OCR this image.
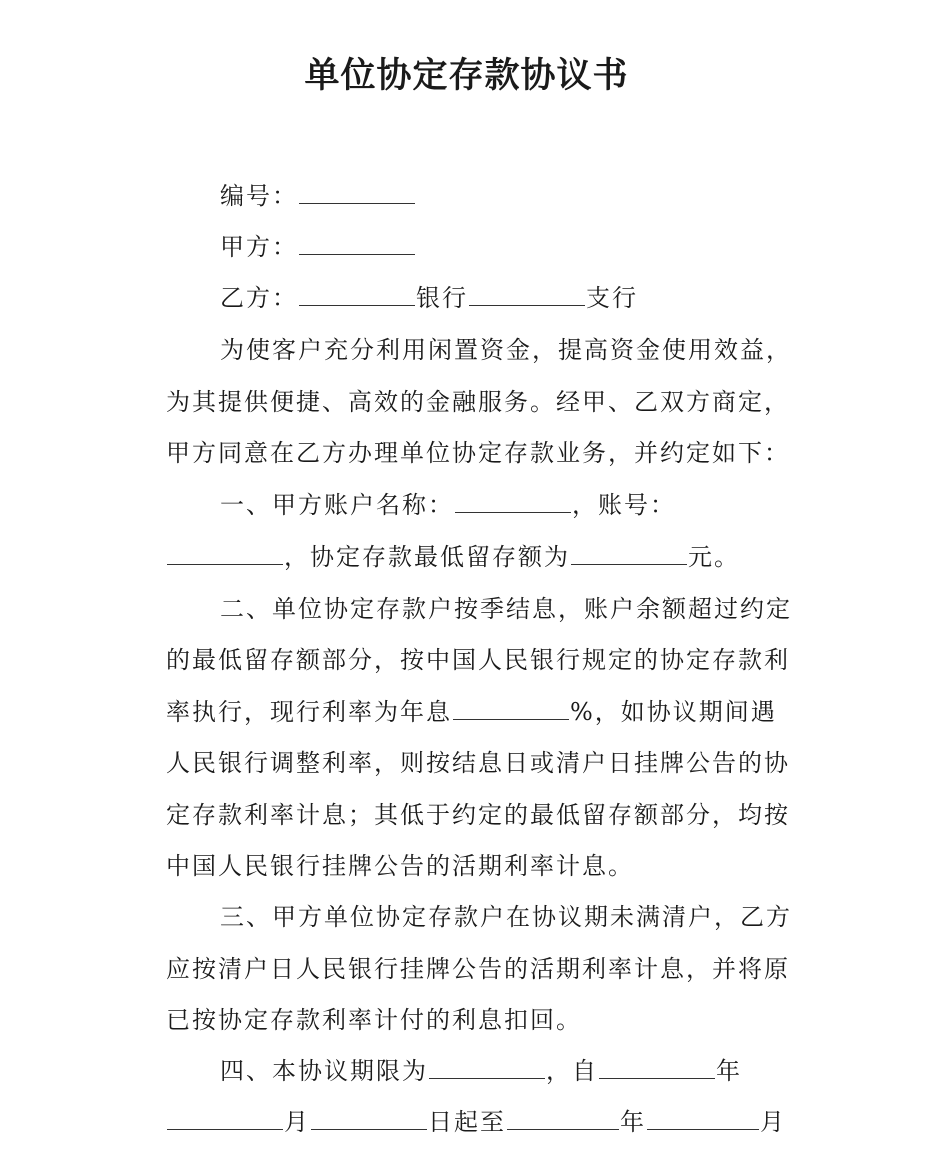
单位协定存款协议书
编号：
甲方：
乙方：	银行	支行
为使客户充分利用闲置资金，提高资金使用效益，
为其提供便捷、高效的金融服务。经甲、乙双方商定，
甲方同意在乙方办理单位协定存款业务，并约定如下：
一、甲方账户名称：	，账号：
，协定存款最低留存额为	元。
二、单位协定存款户按季结息，账户余额超过约定
的最低留存额部分，按中国人民银行规定的协定存款利
率执行，现行利率为年息	%，如协议期间遇
人民银行调整利率，则按结息日或清户日挂牌公告的协
定存款利率计息；其低于约定的最低留存额部分，均按
中国人民银行挂牌公告的活期利率计息。
三、甲方单位协定存款户在协议期未满清户，乙方
应按清户日人民银行挂牌公告的活期利率计息，并将原
已按协定存款利率计付的利息扣回。
四、本协议期限为	，自	年
月	日起至	年	月
